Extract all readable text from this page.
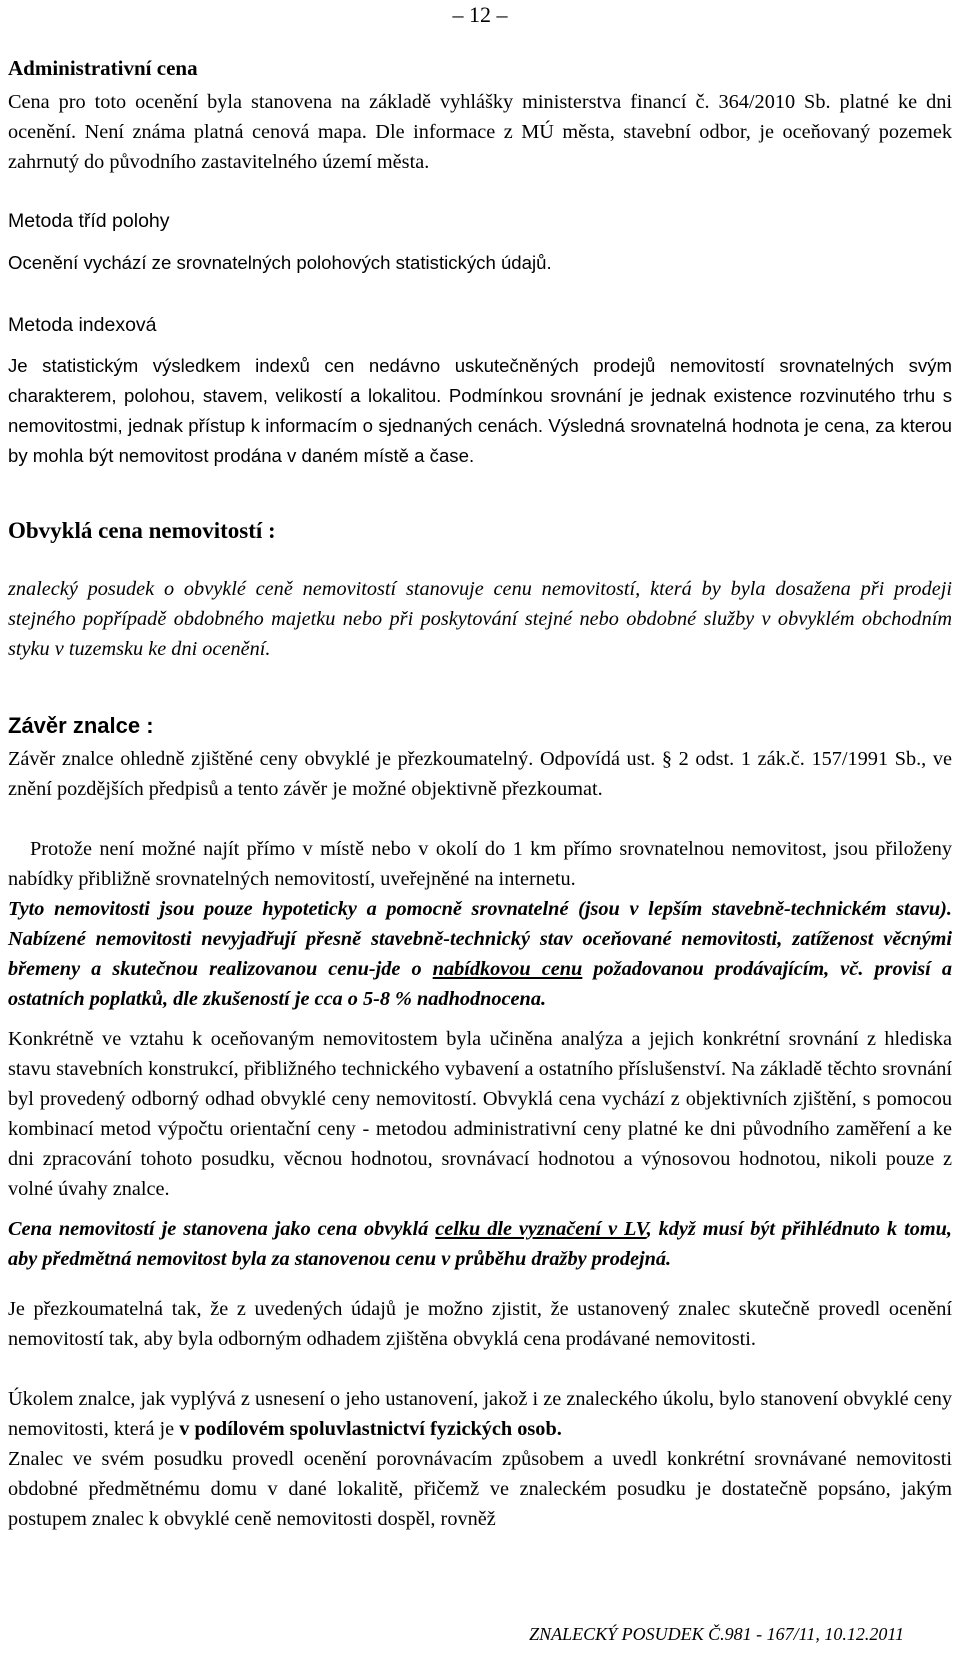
– 12 –
Administrativní cena

Cena pro toto ocenění byla stanovena na základě vyhlášky ministerstva financí č. 364/2010 Sb. platné ke dni ocenění. Není známa platná cenová mapa. Dle informace z MÚ města, stavební odbor, je oceňovaný pozemek zahrnutý do původního zastavitelného území města.

Metoda tříd polohy

Ocenění vychází ze srovnatelných polohových statistických údajů.

Metoda indexová

Je statistickým výsledkem indexů cen nedávno uskutečněných prodejů nemovitostí srovnatelných svým charakterem, polohou, stavem, velikostí a lokalitou. Podmínkou srovnání je jednak existence rozvinutého trhu s nemovitostmi, jednak přístup k informacím o sjednaných cenách. Výsledná srovnatelná hodnota je cena, za kterou by mohla být nemovitost prodána v daném místě a čase.

Obvyklá cena nemovitostí :

znalecký posudek o obvyklé ceně nemovitostí stanovuje cenu nemovitostí, která by byla dosažena při prodeji stejného popřípadě obdobného majetku nebo při poskytování stejné nebo obdobné služby v obvyklém obchodním styku v tuzemsku ke dni ocenění.

Závěr znalce :

Závěr znalce ohledně zjištěné ceny obvyklé je přezkoumatelný. Odpovídá ust. § 2 odst. 1 zák.č. 157/1991 Sb., ve znění pozdějších předpisů a tento závěr je možné objektivně přezkoumat.

Protože není možné najít přímo v místě nebo v okolí do 1 km přímo srovnatelnou nemovitost, jsou přiloženy nabídky přibližně srovnatelných nemovitostí, uveřejněné na internetu.

Tyto nemovitosti jsou pouze hypoteticky a pomocně srovnatelné (jsou v lepším stavebně-technickém stavu). Nabízené nemovitosti nevyjadřují přesně stavebně-technický stav oceňované nemovitosti, zatíženost věcnými břemeny a skutečnou realizovanou cenu-jde o nabídkovou cenu požadovanou prodávajícím, vč. provisí a ostatních poplatků, dle zkušeností je cca o 5-8 % nadhodnocena.

Konkrétně ve vztahu k oceňovaným nemovitostem byla učiněna analýza a jejich konkrétní srovnání z hlediska stavu stavebních konstrukcí, přibližného technického vybavení a ostatního příslušenství. Na základě těchto srovnání byl provedený odborný odhad obvyklé ceny nemovitostí. Obvyklá cena vychází z objektivních zjištění, s pomocou kombinací metod výpočtu orientační ceny - metodou administrativní ceny platné ke dni původního zaměření a ke dni zpracování tohoto posudku, věcnou hodnotou, srovnávací hodnotou a výnosovou hodnotou, nikoli pouze z volné úvahy znalce.

Cena nemovitostí je stanovena jako cena obvyklá celku dle vyznačení v LV, když musí být přihlédnuto k tomu, aby předmětná nemovitost byla za stanovenou cenu v průběhu dražby prodejná.

Je přezkoumatelná tak, že z uvedených údajů je možno zjistit, že ustanovený znalec skutečně provedl ocenění nemovitostí tak, aby byla odborným odhadem zjištěna obvyklá cena prodávané nemovitosti.

Úkolem znalce, jak vyplývá z usnesení o jeho ustanovení, jakož i ze znaleckého úkolu, bylo stanovení obvyklé ceny nemovitosti, která je v podílovém spoluvlastnictví fyzických osob.

Znalec ve svém posudku provedl ocenění porovnávacím způsobem a uvedl konkrétní srovnávané nemovitosti obdobné předmětnému domu v dané lokalitě, přičemž ve znaleckém posudku je dostatečně popsáno, jakým postupem znalec k obvyklé ceně nemovitosti dospěl, rovněž

ZNALECKÝ POSUDEK Č.981 - 167/11, 10.12.2011
